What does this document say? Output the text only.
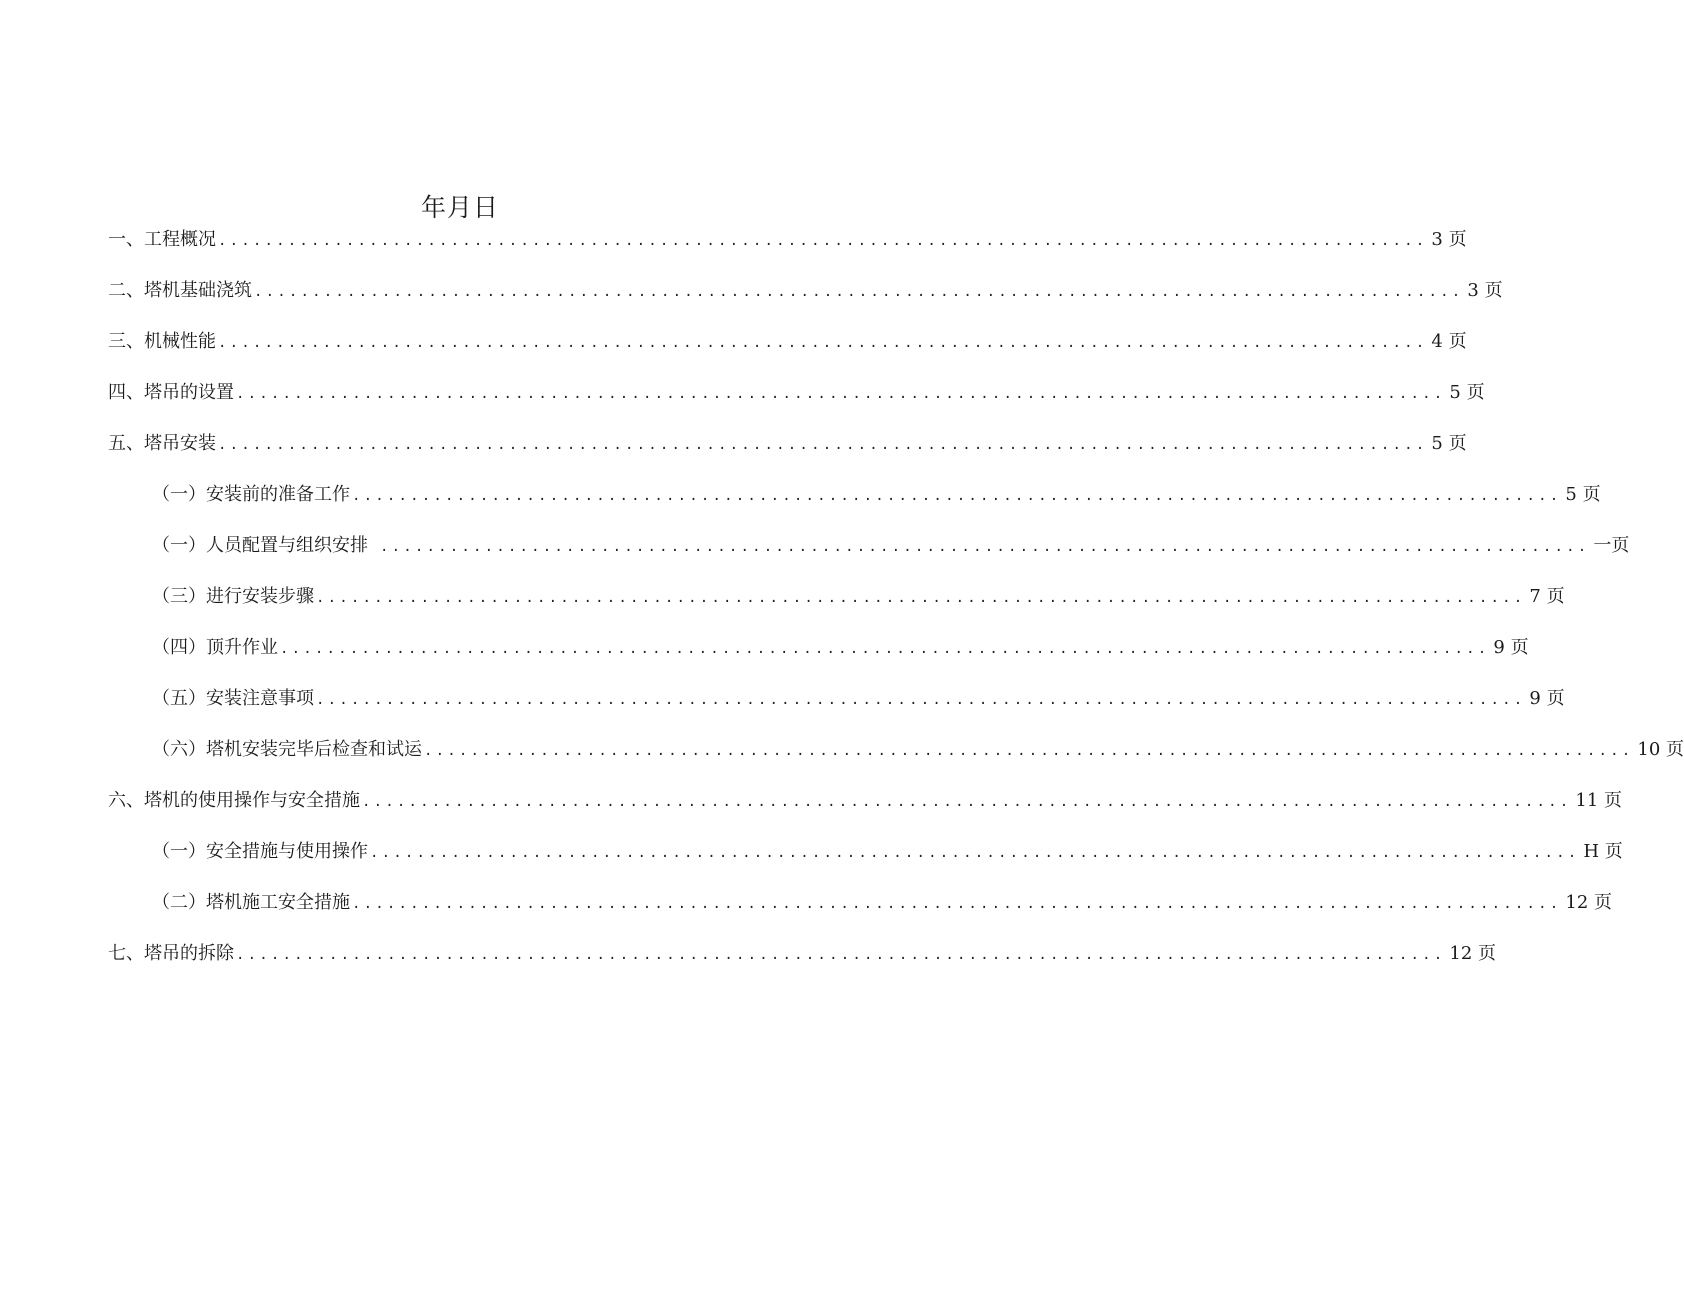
年月日
一、工程概况 ........................................................................................................ 3 页
二、塔机基础浇筑 ........................................................................................................ 3 页
三、机械性能 ........................................................................................................ 4 页
四、塔吊的设置 ........................................................................................................ 5 页
五、塔吊安装 ........................................................................................................ 5 页
（一）安装前的准备工作 ........................................................................................................ 5 页
（一）人员配置与组织安排 ........................................................................................................ 一页
（三）进行安装步骤 ........................................................................................................ 7 页
（四）顶升作业 ........................................................................................................ 9 页
（五）安装注意事项 ........................................................................................................ 9 页
（六）塔机安装完毕后检查和试运 ........................................................................................................ 10 页
六、塔机的使用操作与安全措施 ........................................................................................................ 11 页
（一）安全措施与使用操作 ........................................................................................................ H 页
（二）塔机施工安全措施 ........................................................................................................ 12 页
七、塔吊的拆除 ........................................................................................................ 12 页
